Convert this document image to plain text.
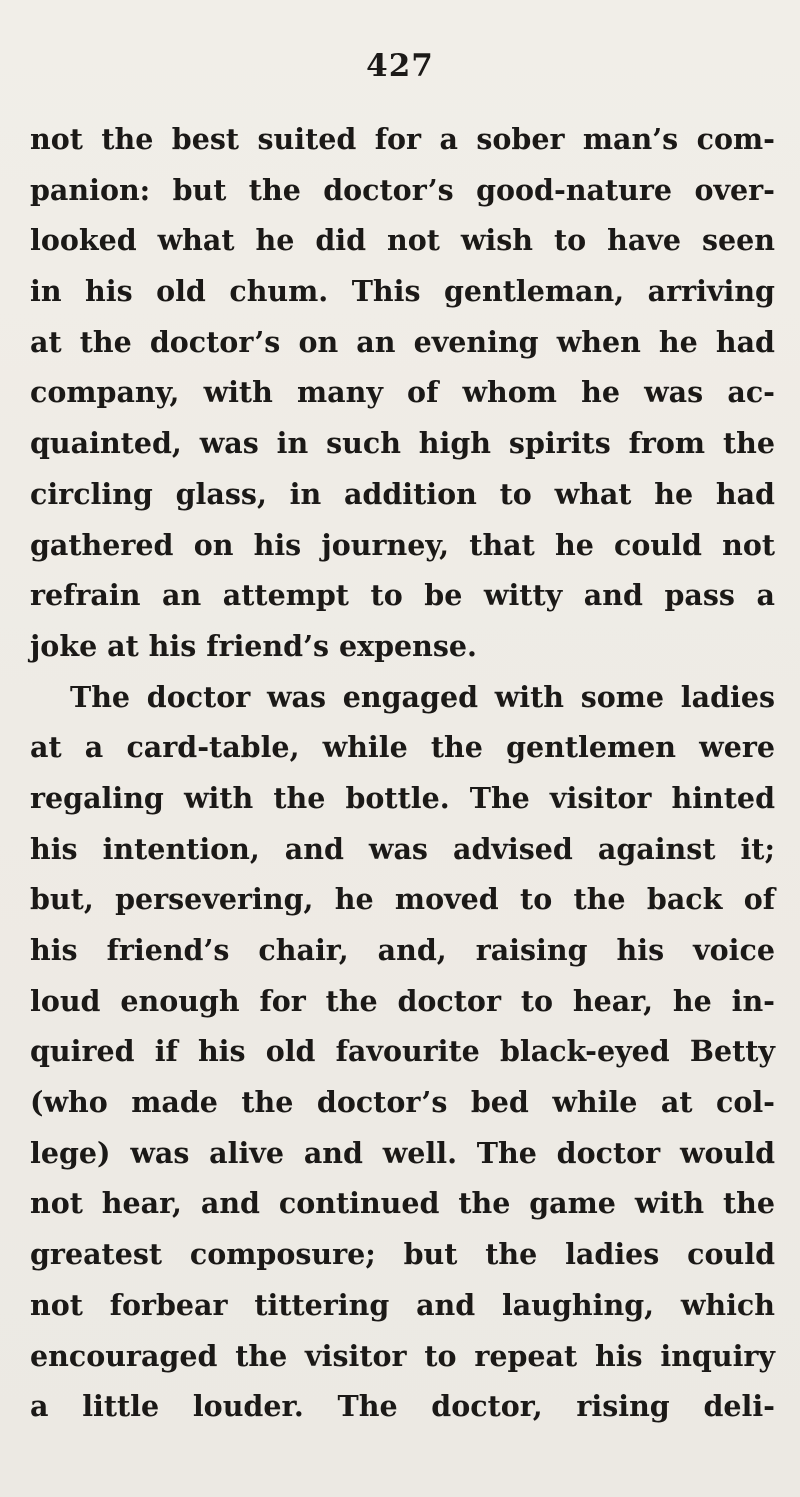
427

not the best suited for a sober man’s com-
panion: but the doctor’s good-nature over-
looked what he did not wish to have seen
in his old chum. This gentleman, arriving
at the doctor’s on an evening when he had
company, with many of whom he was ac-
quainted, was in such high spirits from the
circling glass, in addition to what he had
gathered on his journey, that he could not
refrain an attempt to be witty and pass a
joke at his friend’s expense.
The doctor was engaged with some ladies
at a card-table, while the gentlemen were
regaling with the bottle. The visitor hinted
his intention, and was advised against it;
but, persevering, he moved to the back of
his friend’s chair, and, raising his voice
loud enough for the doctor to hear, he in-
quired if his old favourite black-eyed Betty
(who made the doctor’s bed while at col-
lege) was alive and well. The doctor would
not hear, and continued the game with the
greatest composure; but the ladies could
not forbear tittering and laughing, which
encouraged the visitor to repeat his inquiry
a little louder. The doctor, rising deli-
